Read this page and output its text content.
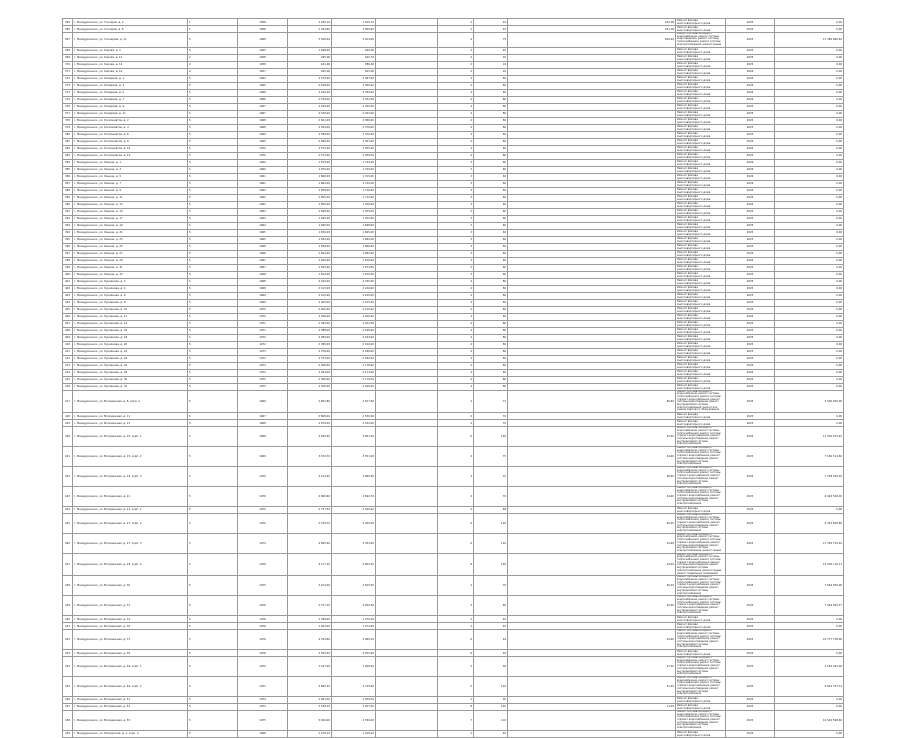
365	г. Междуреченск, ул. Гончаров, д. 4	1	1956	1 035,10	1 010,70		2	24	452,00	Ремонт фасада многоквартирного дома	2025	0,00
366	г. Междуреченск, ул. Гончаров, д. 6	1	1956	1 034,60	1 009,90		2	24	451,00	Ремонт фасада многоквартирного дома	2025	0,00
367	г. Междуреченск, ул. Гончарова, д. 11	5	1968	3 326,00	3 014,00		4	75	824,40	Ремонт системы холодного водоснабжения, ремонт системы водоотведения, ремонт системы теплоснабжения, ремонт системы электроснабжения, ремонт крыши	2025	11 380 960,40
368	г. Междуреченск, ул. Кирова, д. 3	5	1965	1 098,00	940,00		2	40		Ремонт фасада многоквартирного дома	2025	0,00
369	г. Междуреченск, ул. Кирова, д. 12	2	1958	465,00	402,70		2	16		Ремонт фасада многоквартирного дома	2025	0,00
370	г. Междуреченск, ул. Кирова, д. 14	2	1958	441,90	380,40		2	16		Ремонт фасада многоквартирного дома	2025	0,00
371	г. Междуреченск, ул. Кирова, д. 16	2	1957	465,00	403,00		2	16		Ремонт фасада многоквартирного дома	2026	0,00
372	г. Междуреченск, ул. Комарова, д. 1	5	1964	2 575,00	2 387,00		4	80		Ремонт фасада многоквартирного дома	2026	0,00
373	г. Междуреченск, ул. Комарова, д. 3	5	1965	2 558,00	2 360,00		4	80		Ремонт фасада многоквартирного дома	2026	0,00
374	г. Междуреченск, ул. Комарова, д. 5	5	1966	2 540,00	2 339,00		4	80		Ремонт фасада многоквартирного дома	2026	0,00
375	г. Междуреченск, ул. Комарова, д. 7	5	1966	2 534,00	2 332,00		4	80		Ремонт фасада многоквартирного дома	2026	0,00
376	г. Междуреченск, ул. Комарова, д. 9	5	1967	2 529,00	2 320,00		4	80		Ремонт фасада многоквартирного дома	2025	0,00
377	г. Междуреченск, ул. Комарова, д. 11	5	1967	2 530,00	2 322,00		4	80		Ремонт фасада многоквартирного дома	2025	0,00
378	г. Междуреченск, ул. Космонавтов, д. 2	5	1968	2 601,00	2 380,00		4	80		Ремонт фасада многоквартирного дома	2025	0,00
379	г. Междуреченск, ул. Космонавтов, д. 4	5	1968	2 594,00	2 376,00		4	80		Ремонт фасада многоквартирного дома	2025	0,00
380	г. Междуреченск, ул. Космонавтов, д. 6	5	1969	2 589,00	2 370,00		4	80		Ремонт фасада многоквартирного дома	2025	0,00
381	г. Междуреченск, ул. Космонавтов, д. 8	5	1969	2 580,00	2 361,00		4	80		Ремонт фасада многоквартирного дома	2025	0,00
382	г. Междуреченск, ул. Космонавтов, д. 10	5	1970	2 575,00	2 355,00		4	80		Ремонт фасада многоквартирного дома	2025	0,00
383	г. Междуреченск, ул. Космонавтов, д. 12	5	1970	2 571,00	2 350,00		4	80		Ремонт фасада многоквартирного дома	2025	0,00
384	г. Междуреченск, ул. Ленина, д. 1	5	1960	1 874,00	1 733,00		3	60		Ремонт фасада многоквартирного дома	2026	0,00
385	г. Междуреченск, ул. Ленина, д. 3	5	1960	1 870,00	1 729,00		3	60		Ремонт фасада многоквартирного дома	2026	0,00
386	г. Междуреченск, ул. Ленина, д. 5	5	1961	1 866,00	1 725,00		3	60		Ремонт фасада многоквартирного дома	2026	0,00
387	г. Междуреченск, ул. Ленина, д. 7	5	1961	1 862,00	1 720,00		3	60		Ремонт фасада многоквартирного дома	2026	0,00
388	г. Междуреченск, ул. Ленина, д. 9	5	1962	1 858,00	1 716,00		3	60		Ремонт фасада многоквартирного дома	2026	0,00
389	г. Междуреченск, ул. Ленина, д. 11	5	1962	1 855,00	1 712,00		3	60		Ремонт фасада многоквартирного дома	2026	0,00
390	г. Междуреченск, ул. Ленина, д. 13	5	1963	1 850,00	1 708,00		3	60		Ремонт фасада многоквартирного дома	2025	0,00
391	г. Междуреченск, ул. Ленина, д. 15	5	1963	1 848,00	1 705,00		3	60		Ремонт фасада многоквартирного дома	2025	0,00
392	г. Междуреченск, ул. Ленина, д. 17	5	1964	1 845,00	1 702,00		3	60		Ремонт фасада многоквартирного дома	2025	0,00
393	г. Междуреченск, ул. Ленина, д. 19	5	1964	1 840,00	1 698,00		3	60		Ремонт фасада многоквартирного дома	2025	0,00
394	г. Междуреченск, ул. Ленина, д. 21	5	1965	1 836,00	1 695,00		3	60		Ремонт фасада многоквартирного дома	2025	0,00
395	г. Междуреченск, ул. Ленина, д. 23	5	1965	1 832,00	1 690,00		3	60		Ремонт фасада многоквартирного дома	2025	0,00
396	г. Междуреченск, ул. Ленина, д. 25	5	1966	1 828,00	1 686,00		3	60		Ремонт фасада многоквартирного дома	2025	0,00
397	г. Междуреченск, ул. Ленина, д. 27	5	1966	1 824,00	1 682,00		3	60		Ремонт фасада многоквартирного дома	2025	0,00
398	г. Междуреченск, ул. Ленина, д. 29	5	1967	1 820,00	1 678,00		3	60		Ремонт фасада многоквартирного дома	2025	0,00
399	г. Междуреченск, ул. Ленина, д. 31	5	1967	1 815,00	1 674,00		3	60		Ремонт фасада многоквартирного дома	2025	0,00
400	г. Междуреченск, ул. Ленина, д. 33	5	1968	1 812,00	1 670,00		3	60		Ремонт фасада многоквартирного дома	2025	0,00
401	г. Междуреченск, ул. Лукиянова, д. 2	5	1968	2 420,00	2 230,00		4	80		Ремонт фасада многоквартирного дома	2025	0,00
402	г. Междуреченск, ул. Лукиянова, д. 4	5	1968	2 415,00	2 226,00		4	80		Ремонт фасада многоквартирного дома	2025	0,00
403	г. Междуреченск, ул. Лукиянова, д. 6	5	1969	2 410,00	2 220,00		4	80		Ремонт фасада многоквартирного дома	2025	0,00
404	г. Междуреченск, ул. Лукиянова, д. 8	5	1969	2 405,00	2 215,00		4	80		Ремонт фасада многоквартирного дома	2025	0,00
405	г. Междуреченск, ул. Лукиянова, д. 10	5	1970	2 400,00	2 210,00		4	80		Ремонт фасада многоквартирного дома	2025	0,00
406	г. Междуреченск, ул. Лукиянова, д. 12	5	1970	2 396,00	2 206,00		4	80		Ремонт фасада многоквартирного дома	2025	0,00
407	г. Междуреченск, ул. Лукиянова, д. 14	5	1971	2 392,00	2 202,00		4	80		Ремонт фасада многоквартирного дома	2025	0,00
408	г. Междуреченск, ул. Лукиянова, д. 16	5	1971	2 388,00	2 198,00		4	80		Ремонт фасада многоквартирного дома	2025	0,00
409	г. Междуреченск, ул. Лукиянова, д. 18	5	1972	2 384,00	2 194,00		4	80		Ремонт фасада многоквартирного дома	2025	0,00
410	г. Междуреченск, ул. Лукиянова, д. 20	5	1972	2 380,00	2 190,00		4	80		Ремонт фасада многоквартирного дома	2025	0,00
411	г. Междуреченск, ул. Лукиянова, д. 22	5	1973	2 376,00	2 186,00		4	80		Ремонт фасада многоквартирного дома	2025	0,00
412	г. Междуреченск, ул. Лукиянова, д. 24	5	1973	2 372,00	2 182,00		4	80		Ремонт фасада многоквартирного дома	2025	0,00
413	г. Междуреченск, ул. Лукиянова, д. 26	5	1974	2 368,00	2 178,00		4	80		Ремонт фасада многоквартирного дома	2025	0,00
414	г. Междуреченск, ул. Лукиянова, д. 28	5	1974	2 364,00	2 174,00		4	80		Ремонт фасада многоквартирного дома	2025	0,00
415	г. Междуреченск, ул. Лукиянова, д. 30	5	1975	2 360,00	2 170,00		4	80		Ремонт фасада многоквартирного дома	2025	0,00
416	г. Междуреченск, ул. Лукиянова, д. 32	5	1975	2 356,00	2 166,00		4	80		Ремонт фасада многоквартирного дома	2025	0,00
417	г. Междуреченск, ул. Молодежная, д. 8, корп. А	5	1969	2 967,80	2 527,60		4	72	66,60	Ремонт системы холодного водоснабжения, ремонт системы теплоснабжения, ремонт системы горячего водоснабжения, ремонт системы водоотведения, ремонт внутридомовой системы электроснабжения, ремонт или замена лифтового оборудования	2025	5 500 000,00
418	г. Междуреченск, ул. Молодежная, д. 11	5	1967	2 868,00	2 530,00		4	70		Ремонт фасада многоквартирного дома	2025	0,00
419	г. Междуреченск, ул. Молодежная, д. 13	5	1968	2 870,00	2 532,00		4	70		Ремонт фасада многоквартирного дома	2025	0,00
420	г. Междуреченск, ул. Молодежная, д. 15, корп. 1	5	1968	4 640,50	3 851,00		6	102	43,40	Ремонт системы холодного водоснабжения, ремонт системы теплоснабжения, ремонт системы горячего водоснабжения, ремонт системы водоотведения, ремонт внутридомовой системы электроснабжения	2025	11 330 974,22
421	г. Междуреченск, ул. Молодежная, д. 15, корп. 2	5	1969	3 070,70	3 351,00		4	75	44,00	Ремонт системы холодного водоснабжения, ремонт системы теплоснабжения, ремонт системы горячего водоснабжения, ремонт системы водоотведения, ремонт внутридомовой системы электроснабжения	2025	7 160 314,60
422	г. Междуреченск, ул. Молодежная, д. 19, корп. 3	5	1970	3 144,20	2 980,90		4	75	46,60	Ремонт системы холодного водоснабжения, ремонт системы теплоснабжения, ремонт системы горячего водоснабжения, ремонт системы водоотведения, ремонт внутридомовой системы электроснабжения	2025	7 158 930,20
423	г. Междуреченск, ул. Молодежная, д. 21	5	1970	2 966,60	2 694,70		4	70	44,00	Ремонт системы холодного водоснабжения, ремонт системы теплоснабжения, ремонт системы горячего водоснабжения, ремонт системы водоотведения, ремонт внутридомовой системы электроснабжения	2025	6 920 548,00
424	г. Междуреченск, ул. Молодежная, д. 23, корп. 1	5	1970	2 737,50	2 540,00		4	68		Ремонт фасада многоквартирного дома	2025	0,00
425	г. Междуреченск, ул. Молодежная, д. 27, корп. 2	5	1970	5 709,70	5 300,00		6	120	46,20	Ремонт системы холодного водоснабжения, ремонт системы теплоснабжения, ремонт системы горячего водоснабжения, ремонт системы водоотведения, ремонт внутридомовой системы электроснабжения	2025	6 322 836,60
426	г. Междуреченск, ул. Молодежная, д. 27, корп. 3	5	1974	4 965,40	3 763,00		6	110	44,90	Ремонт системы холодного водоснабжения, ремонт системы теплоснабжения, ремонт системы горячего водоснабжения, ремонт системы водоотведения, ремонт внутридомовой системы электроснабжения, ремонт крыши	2025	11 350 734,10
427	г. Междуреченск, ул. Молодежная, д. 29, корп. 4	5	1976	6 117,10	5 602,20		8	120	24,00	Ремонт системы холодного водоснабжения, ремонт системы теплоснабжения, ремонт системы горячего водоснабжения, ремонт системы водоотведения, ремонт внутридомовой системы электроснабжения, ремонт крыши, ремонт подвальных помещений	2025	15 405 116,11
428	г. Междуреченск, ул. Молодежная, д. 30	5	1975	3 014,00	2 815,50		4	70	46,20	Ремонт системы холодного водоснабжения, ремонт системы теплоснабжения, ремонт системы горячего водоснабжения, ремонт системы водоотведения, ремонт внутридомовой системы электроснабжения	2025	7 649 300,00
429	г. Междуреченск, ул. Молодежная, д. 31	5	1976	2 377,10	2 209,30		3	60	40,00	Ремонт системы холодного водоснабжения, ремонт системы теплоснабжения, ремонт системы горячего водоснабжения, ремонт системы водоотведения, ремонт внутридомовой системы электроснабжения	2025	7 546 925,27
430	г. Междуреченск, ул. Молодежная, д. 33	5	1976	1 398,00	1 270,00		2	40		Ремонт фасада многоквартирного дома	2025	0,00
431	г. Междуреченск, ул. Молодежная, д. 35	5	1976	1 402,00	1 274,00		2	40		Ремонт фасада многоквартирного дома	2025	0,00
432	г. Междуреченск, ул. Молодежная, д. 37	5	1976	4 784,80	4 489,10		6	94	24,00	Ремонт системы холодного водоснабжения, ремонт системы теплоснабжения, ремонт системы горячего водоснабжения, ремонт системы водоотведения, ремонт внутридомовой системы электроснабжения	2025	10 777 738,00
433	г. Междуреченск, ул. Молодежная, д. 39	5	1976	4 555,20	4 252,90		6	94		Ремонт фасада многоквартирного дома	2025	0,00
434	г. Междуреченск, ул. Молодежная, д. 49, корп. 1	5	1970	1 447,00	1 408,20		2	30	27,00	Ремонт системы холодного водоснабжения, ремонт системы теплоснабжения, ремонт системы горячего водоснабжения, ремонт системы водоотведения, ремонт внутридомовой системы электроснабжения	2025	4 162 024,00
435	г. Междуреченск, ул. Молодежная, д. 49, корп. 2	5	1971	3 660,30	3 725,60		5	110	41,40	Ремонт системы холодного водоснабжения, ремонт системы теплоснабжения, ремонт системы горячего водоснабжения, ремонт системы водоотведения, ремонт внутридомовой системы электроснабжения	2025	9 644 373,74
436	г. Междуреченск, ул. Молодежная, д. 51	5	1974	1 461,00	1 350,00		2	30		Ремонт фасада многоквартирного дома	2025	0,00
437	г. Междуреченск, ул. Молодежная, д. 53	5	1974	5 538,10	5 207,00		8	120	11,00	Ремонт фасада многоквартирного дома	2025	0,00
438	г. Междуреченск, ул. Молодежная, д. 55	5	1975	5 000,00	4 760,00		7	110		Ремонт системы холодного водоснабжения, ремонт системы теплоснабжения, ремонт системы горячего водоснабжения, ремонт системы водоотведения, ремонт внутридомовой системы электроснабжения	2025	10 520 598,60
439	г. Междуреченск, ул. Пионерская, д. 1, корп. А	5	1968	1 478,10	1 228,10		2	40		Ремонт фасада многоквартирного дома	2025	0,00
